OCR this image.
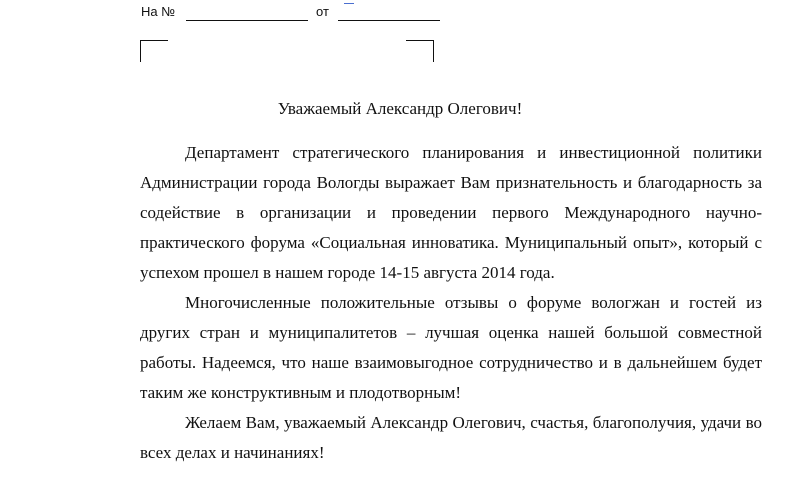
На №	от
Уважаемый Александр Олегович!

Департамент стратегического планирования и инвестиционной политики Администрации города Вологды выражает Вам признательность и благодарность за содействие в организации и проведении первого Международного научно-практического форума «Социальная инноватика. Муниципальный опыт», который с успехом прошел в нашем городе 14-15 августа 2014 года.

Многочисленные положительные отзывы о форуме вологжан и гостей из других стран и муниципалитетов – лучшая оценка нашей большой совместной работы. Надеемся, что наше взаимовыгодное сотрудничество и в дальнейшем будет таким же конструктивным и плодотворным!

Желаем Вам, уважаемый Александр Олегович, счастья, благополучия, удачи во всех делах и начинаниях!
